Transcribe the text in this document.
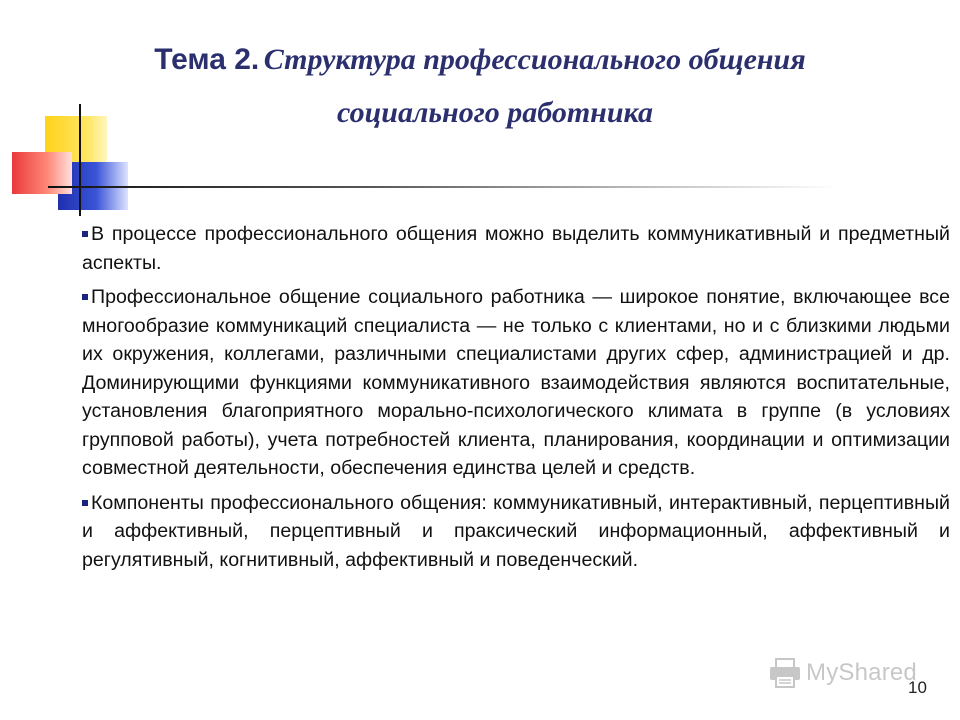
Тема 2. Структура профессионального общения
социального работника

В процессе профессионального общения можно выделить коммуникативный и предметный аспекты.

Профессиональное общение социального работника — широкое понятие, включающее все многообразие коммуникаций специалиста — не только с клиентами, но и с близкими людьми их окружения, коллегами, различными специалистами других сфер, администрацией и др. Доминирующими функциями коммуникативного взаимодействия являются воспитательные, установления благоприятного морально-психологического климата в группе (в условиях групповой работы), учета потребностей клиента, планирования, координации и оптимизации совместной деятельности, обеспечения единства целей и средств.

Компоненты профессионального общения: коммуникативный, интерактивный, перцептивный и аффективный, перцептивный и праксический информационный, аффективный и регулятивный, когнитивный, аффективный и поведенческий.

MyShared
10
